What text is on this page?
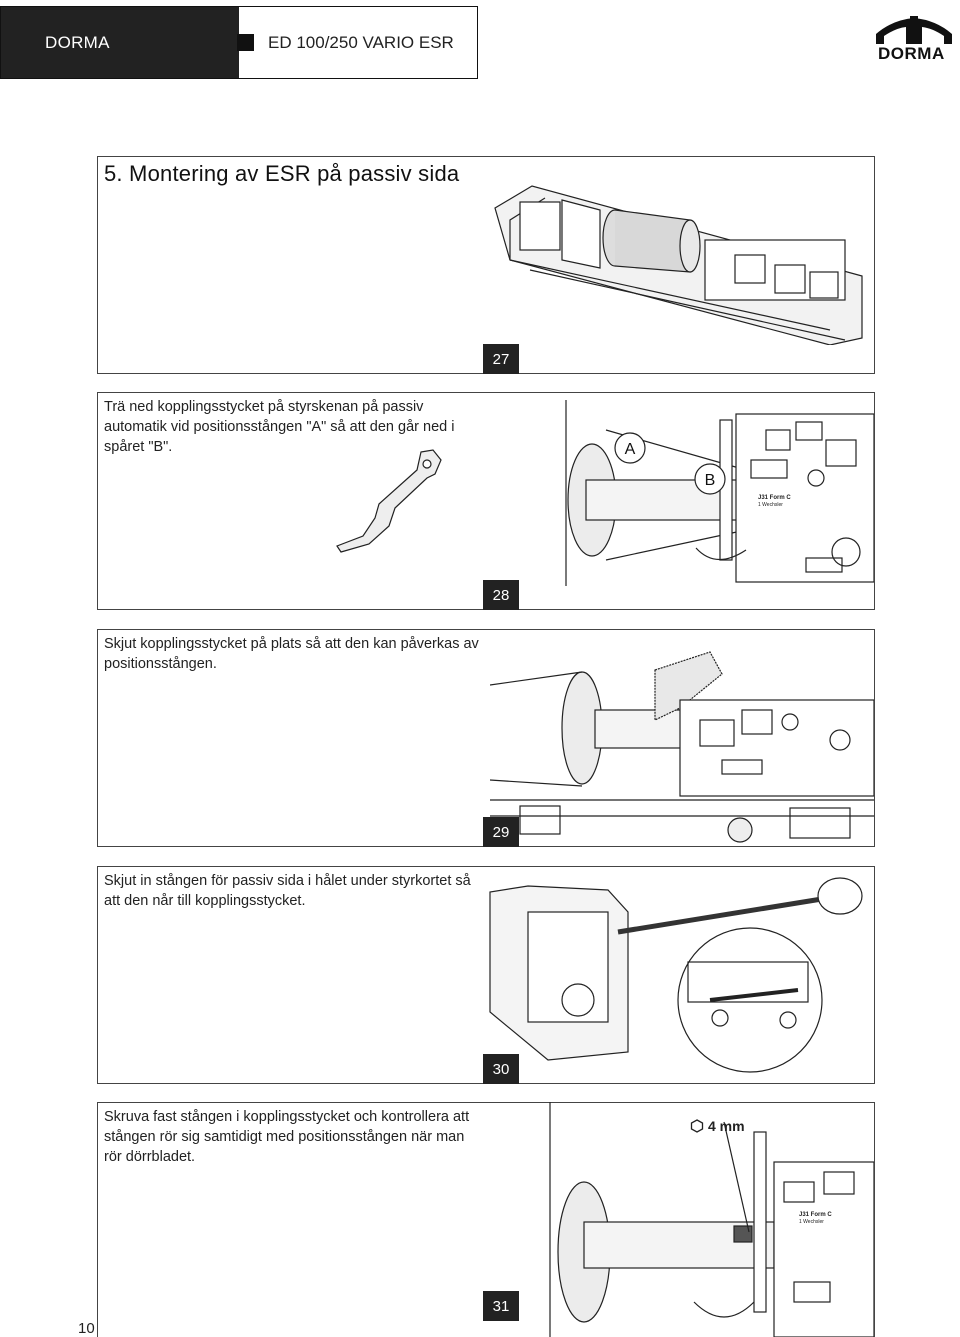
DORMA	ED 100/250 VARIO ESR
DORMA
5. Montering av ESR på passiv sida
27
Trä ned kopplingsstycket på styrskenan på passiv automatik vid positionsstången "A" så att den går ned i spåret "B".
J31 Form C
1 Wechsler
A
B
28
Skjut kopplingsstycket på plats så att den kan påverkas av positionsstången.
29
Skjut in stången för passiv sida i hålet under styrkortet så att den når till kopplingsstycket.
30
Skruva fast stången i kopplingsstycket och kontrollera att stången rör sig samtidigt med positionsstången när man rör dörrbladet.
4 mm
J31 Form C
1 Wechsler
31
10
